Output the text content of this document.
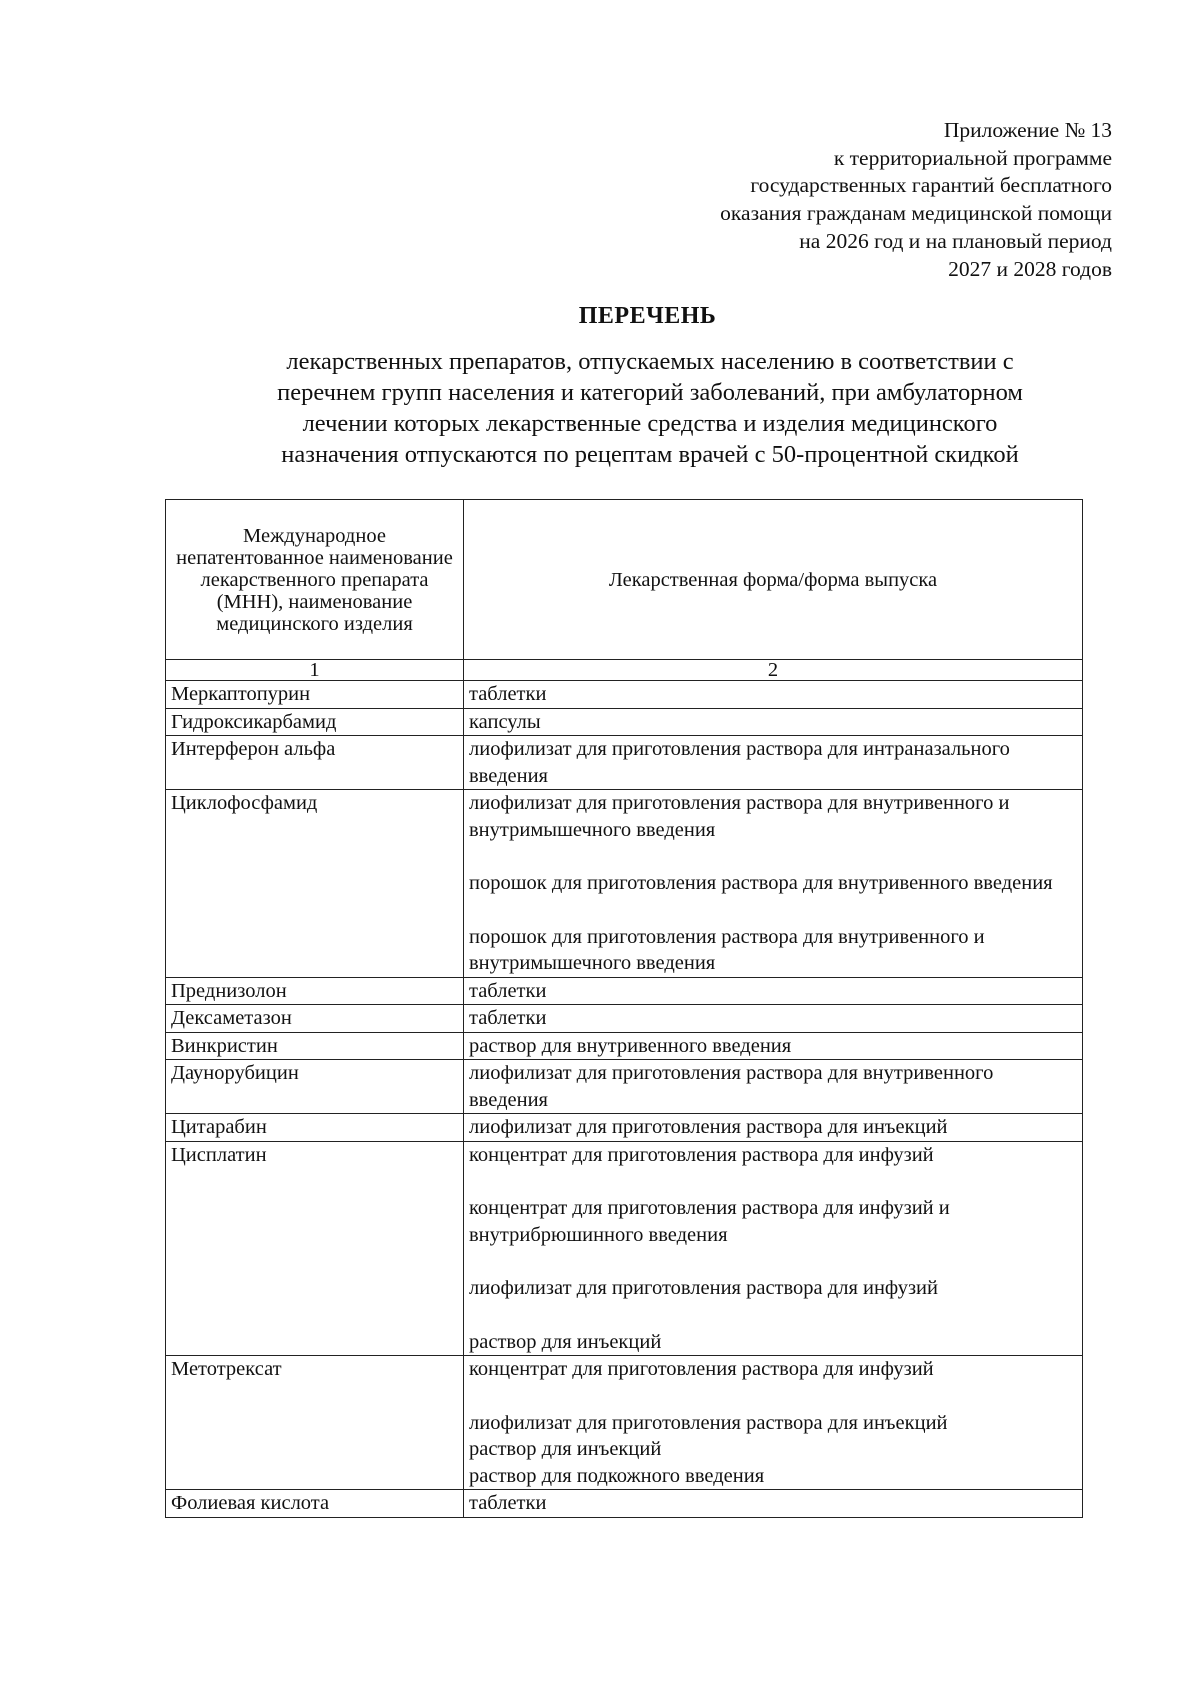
Приложение № 13
к территориальной программе
государственных гарантий бесплатного
оказания гражданам медицинской помощи
на 2026 год и на плановый период
2027 и 2028 годов
ПЕРЕЧЕНЬ
лекарственных препаратов, отпускаемых населению в соответствии с
перечнем групп населения и категорий заболеваний, при амбулаторном
лечении которых лекарственные средства и изделия медицинского
назначения отпускаются по рецептам врачей с 50-процентной скидкой
Международное непатентованное наименование лекарственного препарата (МНН), наименование медицинского изделия	Лекарственная форма/форма выпуска
1	2
Меркаптопурин	таблетки

Гидроксикарбамид	капсулы

Интерферон альфа	лиофилизат для приготовления раствора для интраназального введения

Циклофосфамид	лиофилизат для приготовления раствора для внутривенного и внутримышечного введения
порошок для приготовления раствора для внутривенного введения
порошок для приготовления раствора для внутривенного и внутримышечного введения

Преднизолон	таблетки

Дексаметазон	таблетки

Винкристин	раствор для внутривенного введения

Даунорубицин	лиофилизат для приготовления раствора для внутривенного введения

Цитарабин	лиофилизат для приготовления раствора для инъекций

Цисплатин	концентрат для приготовления раствора для инфузий
концентрат для приготовления раствора для инфузий и внутрибрюшинного введения
лиофилизат для приготовления раствора для инфузий
раствор для инъекций

Метотрексат	концентрат для приготовления раствора для инфузий
лиофилизат для приготовления раствора для инъекций
раствор для инъекций
раствор для подкожного введения

Фолиевая кислота	таблетки
